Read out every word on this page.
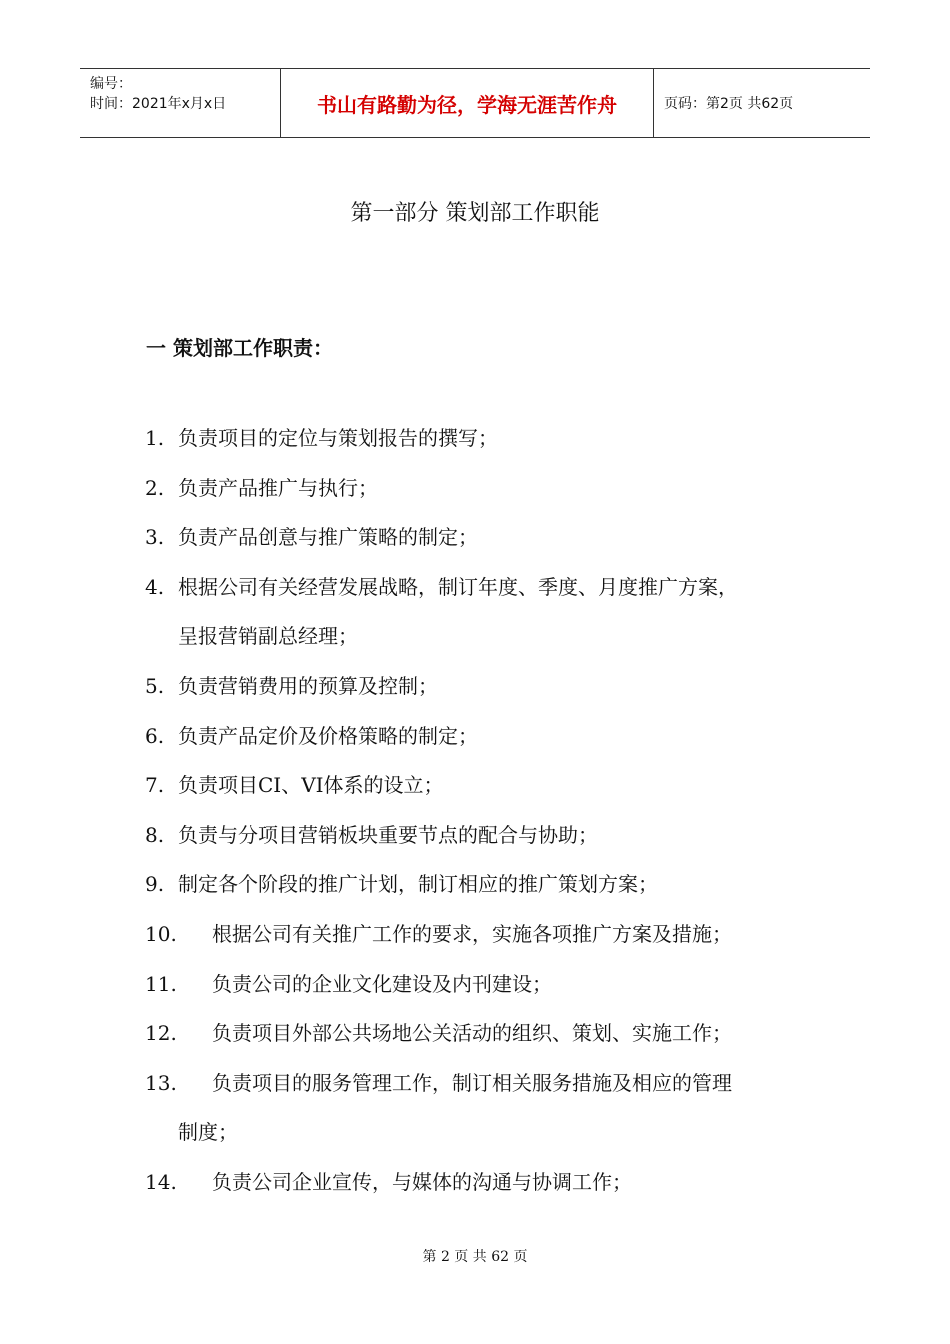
编号：
时间：2021年x月x日	书山有路勤为径，学海无涯苦作舟	页码：第2页 共62页
第一部分 策划部工作职能
一 策划部工作职责：
1. 负责项目的定位与策划报告的撰写；
2. 负责产品推广与执行；
3. 负责产品创意与推广策略的制定；
4. 根据公司有关经营发展战略，制订年度、季度、月度推广方案，
呈报营销副总经理；
5. 负责营销费用的预算及控制；
6. 负责产品定价及价格策略的制定；
7. 负责项目CI、VI体系的设立；
8. 负责与分项目营销板块重要节点的配合与协助；
9. 制定各个阶段的推广计划，制订相应的推广策划方案；
10. 根据公司有关推广工作的要求，实施各项推广方案及措施；
11. 负责公司的企业文化建设及内刊建设；
12. 负责项目外部公共场地公关活动的组织、策划、实施工作；
13. 负责项目的服务管理工作，制订相关服务措施及相应的管理
制度；
14. 负责公司企业宣传，与媒体的沟通与协调工作；
第 2 页 共 62 页
